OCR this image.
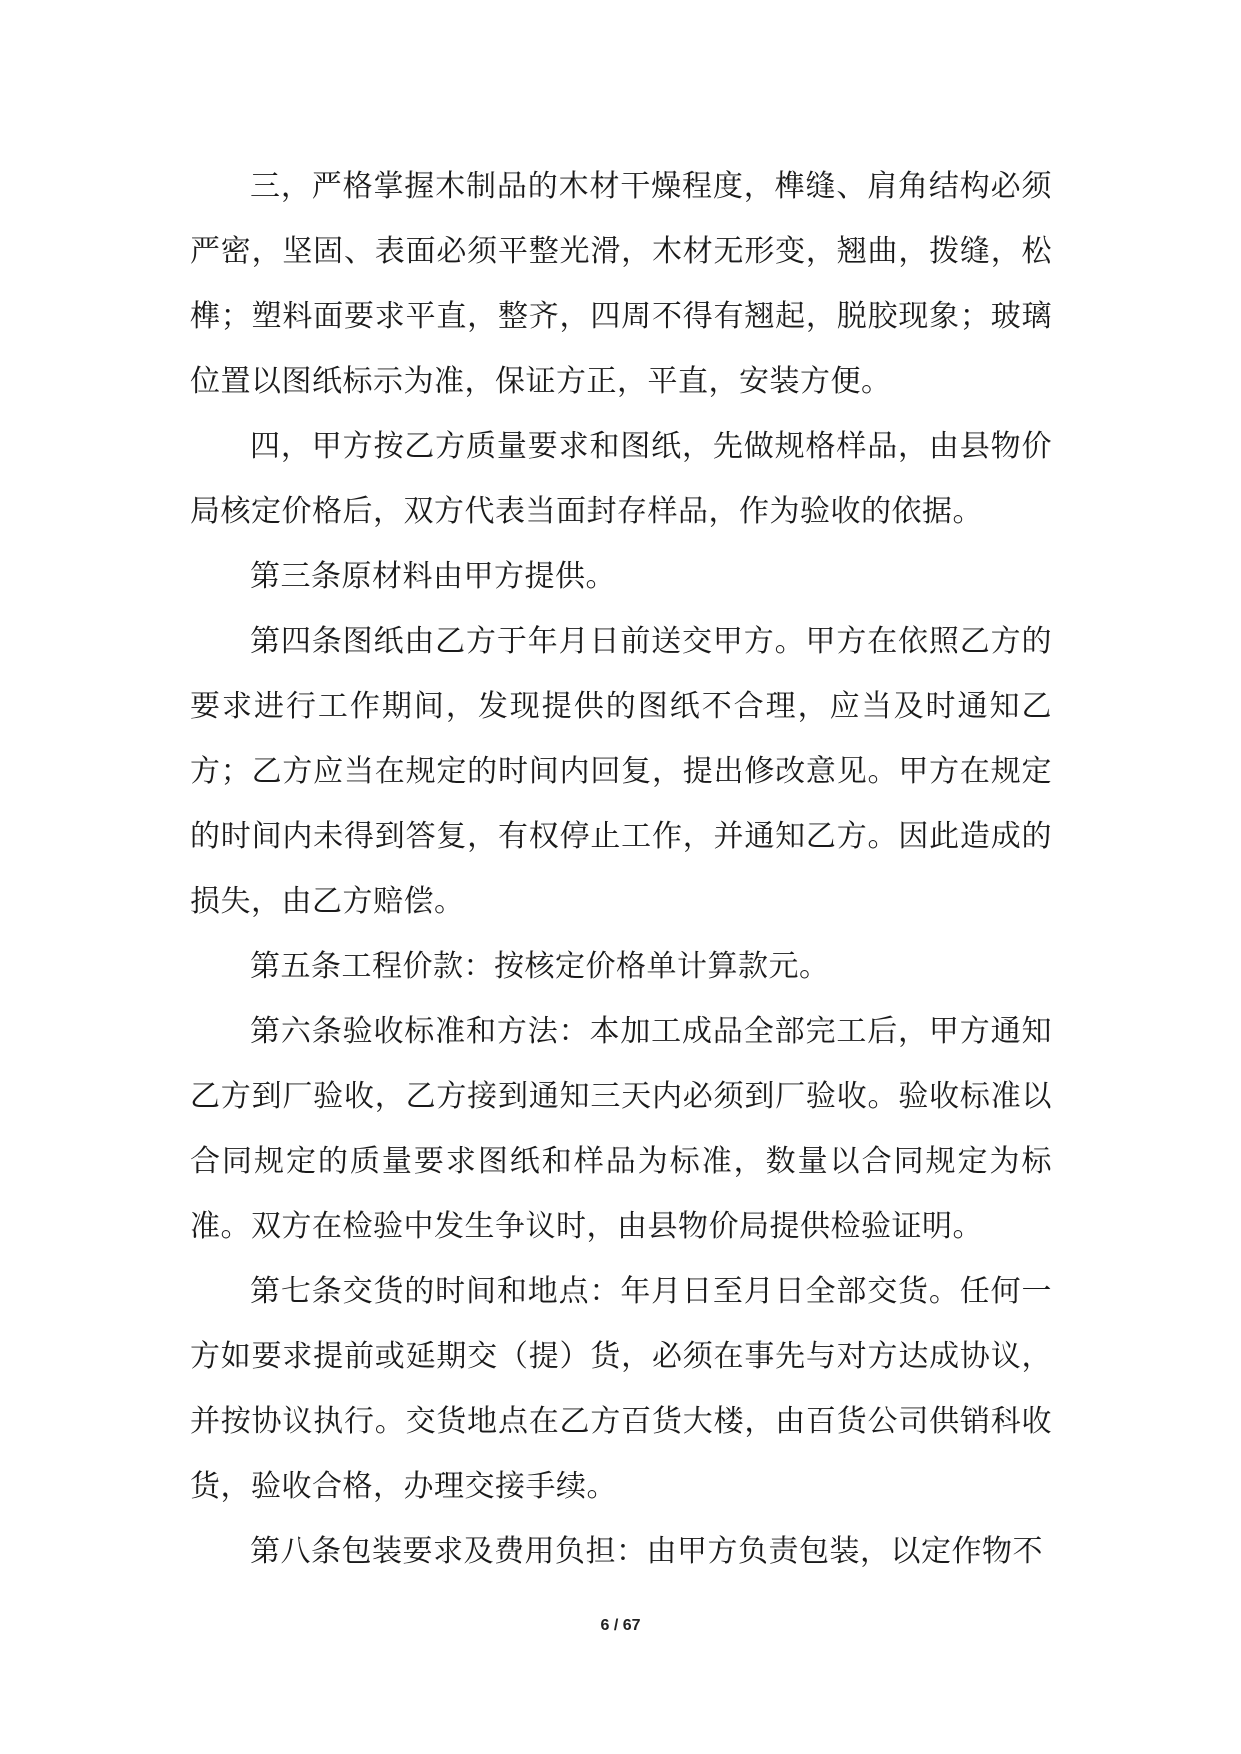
三，严格掌握木制品的木材干燥程度，榫缝、肩角结构必须严密，坚固、表面必须平整光滑，木材无形变，翘曲，拨缝，松榫；塑料面要求平直，整齐，四周不得有翘起，脱胶现象；玻璃位置以图纸标示为准，保证方正，平直，安装方便。

四，甲方按乙方质量要求和图纸，先做规格样品，由县物价局核定价格后，双方代表当面封存样品，作为验收的依据。

第三条原材料由甲方提供。

第四条图纸由乙方于年月日前送交甲方。甲方在依照乙方的要求进行工作期间，发现提供的图纸不合理，应当及时通知乙方；乙方应当在规定的时间内回复，提出修改意见。甲方在规定的时间内未得到答复，有权停止工作，并通知乙方。因此造成的损失，由乙方赔偿。

第五条工程价款：按核定价格单计算款元。

第六条验收标准和方法：本加工成品全部完工后，甲方通知乙方到厂验收，乙方接到通知三天内必须到厂验收。验收标准以合同规定的质量要求图纸和样品为标准，数量以合同规定为标准。双方在检验中发生争议时，由县物价局提供检验证明。

第七条交货的时间和地点：年月日至月日全部交货。任何一方如要求提前或延期交（提）货，必须在事先与对方达成协议，并按协议执行。交货地点在乙方百货大楼，由百货公司供销科收货，验收合格，办理交接手续。

第八条包装要求及费用负担：由甲方负责包装，以定作物不

6 / 67
